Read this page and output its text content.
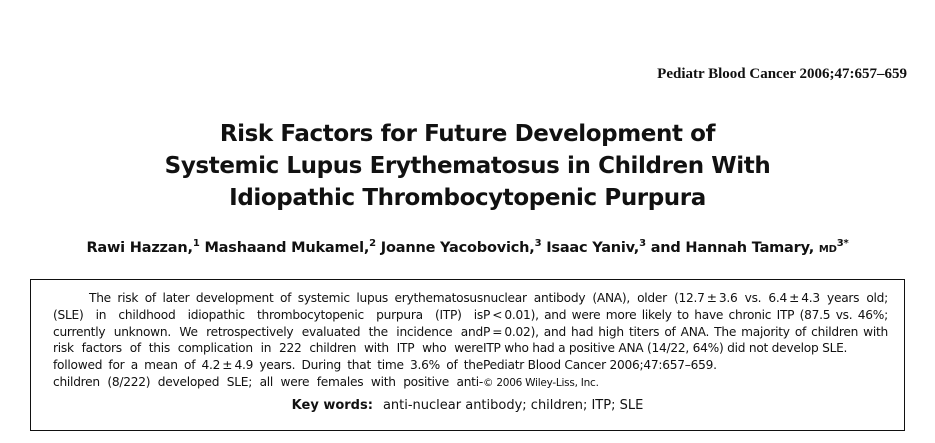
Pediatr Blood Cancer 2006;47:657–659
Risk Factors for Future Development of
Systemic Lupus Erythematosus in Children With
Idiopathic Thrombocytopenic Purpura
Rawi Hazzan,$^1$ Mashaand Mukamel,$^2$ Joanne Yacobovich,$^3$ Isaac Yaniv,$^3$ and Hannah Tamary, $MD^{3*}$
The risk of later development of systemic lupus erythematosus
(SLE) in childhood idiopathic thrombocytopenic purpura (ITP) is
currently unknown. We retrospectively evaluated the incidence and
risk factors of this complication in 222 children with ITP who were
followed for a mean of 4.2 ± 4.9 years. During that time 3.6% of the
children (8/222) developed SLE; all were females with positive anti-
nuclear antibody (ANA), older (12.7 ± 3.6 vs. 6.4 ± 4.3 years old;
P < 0.01), and were more likely to have chronic ITP (87.5 vs. 46%;
P = 0.02), and had high titers of ANA. The majority of children with
ITP who had a positive ANA (14/22, 64%) did not develop SLE.
Pediatr Blood Cancer 2006;47:657–659.
© 2006 Wiley-Liss, Inc.
Key words: anti-nuclear antibody; children; ITP; SLE
